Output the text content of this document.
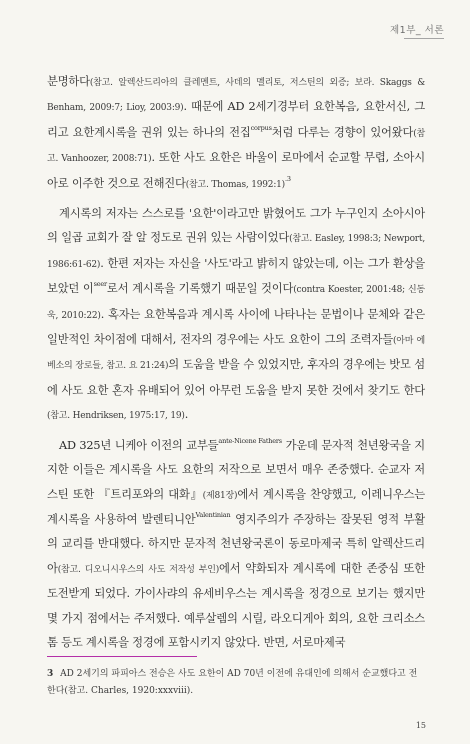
제1부_ 서론

분명하다(참고. 알렉산드리아의 클레멘트, 사데의 멜리토, 저스틴의 외증; 보라. Skaggs & Benham, 2009:7; Lioy, 2003:9). 때문에 AD 2세기경부터 요한복음, 요한서신, 그리고 요한계시록을 권위 있는 하나의 전집$^{corpus}$처럼 다루는 경향이 있어왔다(참고. Vanhoozer, 2008:71). 또한 사도 요한은 바울이 로마에서 순교할 무렵, 소아시아로 이주한 것으로 전해진다(참고. Thomas, 1992:1)$^{.3}$

계시록의 저자는 스스로를 '요한'이라고만 밝혔어도 그가 누구인지 소아시아의 일곱 교회가 잘 알 정도로 권위 있는 사람이었다(참고. Easley, 1998:3; Newport, 1986:61-62). 한편 저자는 자신을 '사도'라고 밝히지 않았는데, 이는 그가 환상을 보았던 이$^{seer}$로서 계시록을 기록했기 때문일 것이다(contra Koester, 2001:48; 신동욱, 2010:22). 혹자는 요한복음과 계시록 사이에 나타나는 문법이나 문체와 같은 일반적인 차이점에 대해서, 전자의 경우에는 사도 요한이 그의 조력자들(아마 에베소의 장로들, 참고. 요 21:24)의 도움을 받을 수 있었지만, 후자의 경우에는 밧모 섬에 사도 요한 혼자 유배되어 있어 아무런 도움을 받지 못한 것에서 찾기도 한다(참고. Hendriksen, 1975:17, 19).

AD 325년 니케아 이전의 교부들$^{ante-Nicene Fathers}$ 가운데 문자적 천년왕국을 지지한 이들은 계시록을 사도 요한의 저작으로 보면서 매우 존중했다. 순교자 저스틴 또한 『트리포와의 대화』(제81장)에서 계시록을 찬양했고, 이레니우스는 계시록을 사용하여 발렌티니안$^{Valentinian}$ 영지주의가 주장하는 잘못된 영적 부활의 교리를 반대했다. 하지만 문자적 천년왕국론이 동로마제국 특히 알렉산드리아(참고. 디오니시우스의 사도 저작성 부인)에서 약화되자 계시록에 대한 존중심 또한 도전받게 되었다. 가이사랴의 유세비우스는 계시록을 정경으로 보기는 했지만 몇 가지 점에서는 주저했다. 예루살렘의 시릴, 라오디게아 회의, 요한 크리소스톰 등도 계시록을 정경에 포함시키지 않았다. 반면, 서로마제국

3 AD 2세기의 파피아스 전승은 사도 요한이 AD 70년 이전에 유대인에 의해서 순교했다고 전한다(참고. Charles, 1920:xxxviii).
15
